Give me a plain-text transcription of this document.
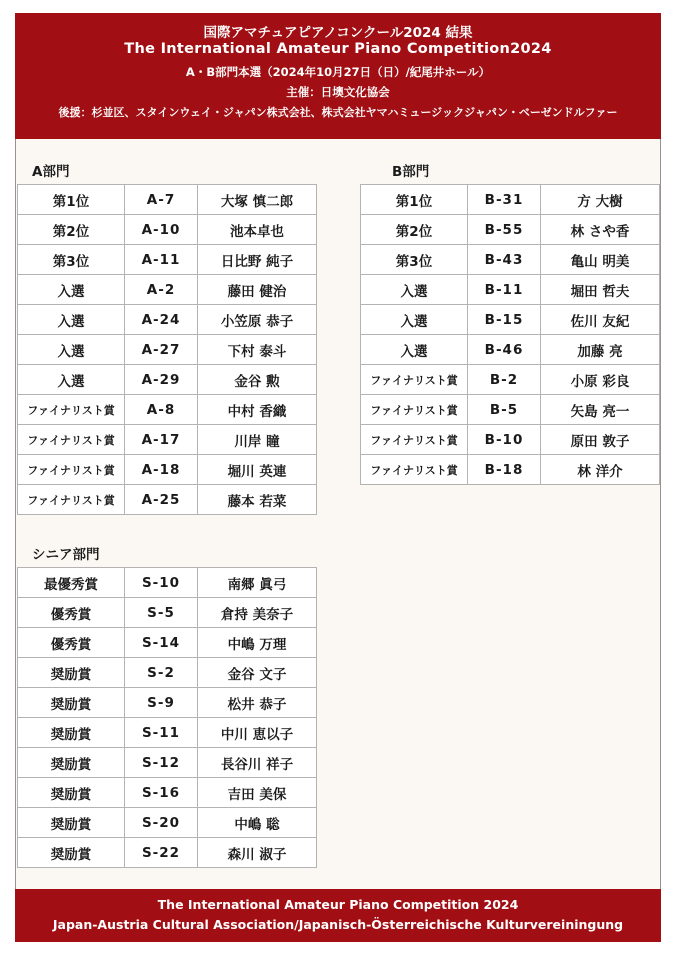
国際アマチュアピアノコンクール2024 結果
The International Amateur Piano Competition2024
A・B部門本選（2024年10月27日（日）/紀尾井ホール）
主催：日墺文化協会
後援：杉並区、スタインウェイ・ジャパン株式会社、株式会社ヤマハミュージックジャパン・ベーゼンドルファー
A部門
第1位	A-7	大塚 慎二郎
第2位	A-10	池本卓也
第3位	A-11	日比野 純子
入選	A-2	藤田 健治
入選	A-24	小笠原 恭子
入選	A-27	下村 泰斗
入選	A-29	金谷 勲
ファイナリスト賞	A-8	中村 香織
ファイナリスト賞	A-17	川岸 瞳
ファイナリスト賞	A-18	堀川 英連
ファイナリスト賞	A-25	藤本 若菜
B部門
第1位	B-31	方 大樹
第2位	B-55	林 さや香
第3位	B-43	亀山 明美
入選	B-11	堀田 哲夫
入選	B-15	佐川 友紀
入選	B-46	加藤 亮
ファイナリスト賞	B-2	小原 彩良
ファイナリスト賞	B-5	矢島 亮一
ファイナリスト賞	B-10	原田 敦子
ファイナリスト賞	B-18	林 洋介
シニア部門
最優秀賞	S-10	南郷 眞弓
優秀賞	S-5	倉持 美奈子
優秀賞	S-14	中嶋 万理
奨励賞	S-2	金谷 文子
奨励賞	S-9	松井 恭子
奨励賞	S-11	中川 恵以子
奨励賞	S-12	長谷川 祥子
奨励賞	S-16	吉田 美保
奨励賞	S-20	中嶋 聡
奨励賞	S-22	森川 淑子
The International Amateur Piano Competition 2024
Japan-Austria Cultural Association/Japanisch-Österreichische Kulturvereiningung
